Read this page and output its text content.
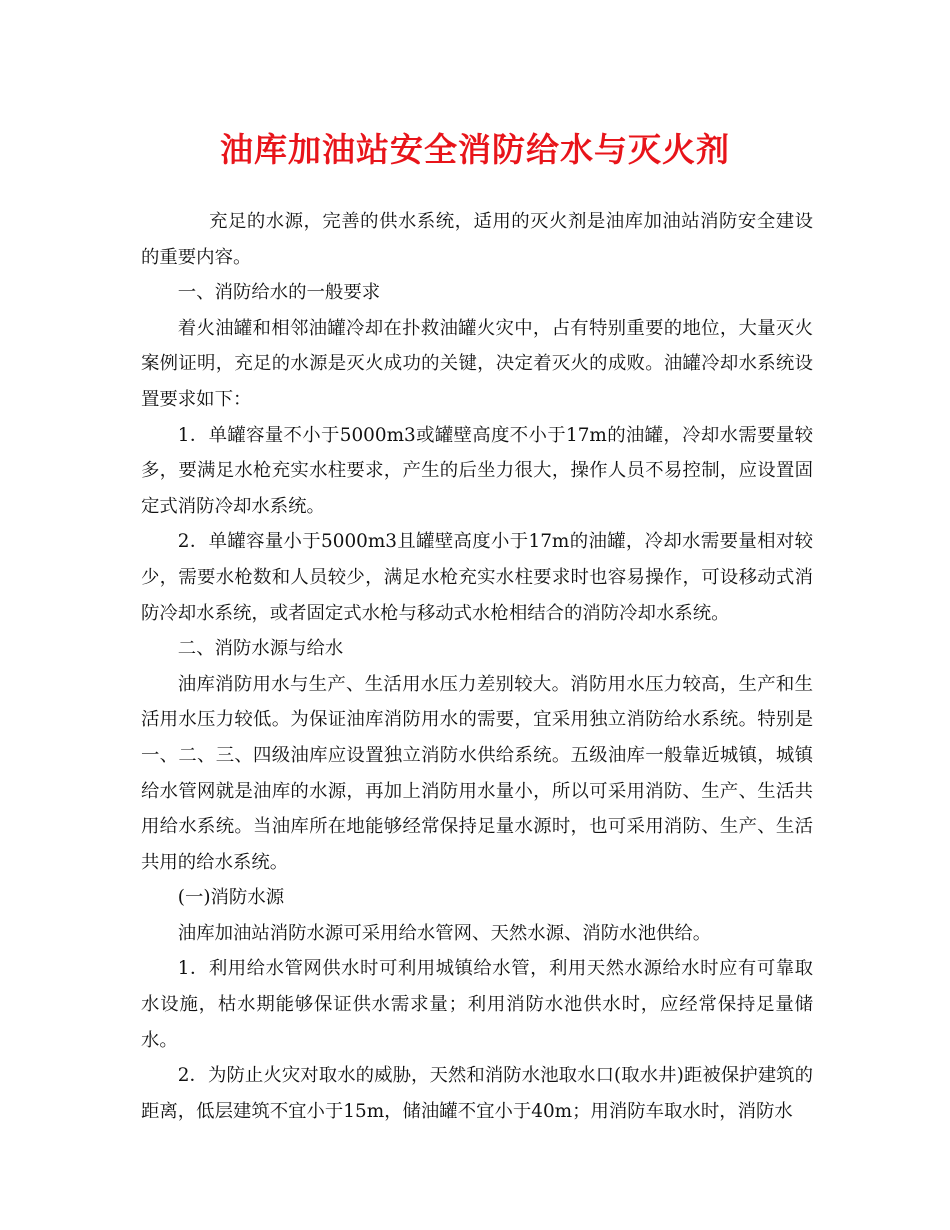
油库加油站安全消防给水与灭火剂

充足的水源，完善的供水系统，适用的灭火剂是油库加油站消防安全建设的重要内容。

一、消防给水的一般要求

着火油罐和相邻油罐冷却在扑救油罐火灾中，占有特别重要的地位，大量灭火案例证明，充足的水源是灭火成功的关键，决定着灭火的成败。油罐冷却水系统设置要求如下：

1．单罐容量不小于5000m3或罐壁高度不小于17m的油罐，冷却水需要量较多，要满足水枪充实水柱要求，产生的后坐力很大，操作人员不易控制，应设置固定式消防冷却水系统。

2．单罐容量小于5000m3且罐壁高度小于17m的油罐，冷却水需要量相对较少，需要水枪数和人员较少，满足水枪充实水柱要求时也容易操作，可设移动式消防冷却水系统，或者固定式水枪与移动式水枪相结合的消防冷却水系统。

二、消防水源与给水

油库消防用水与生产、生活用水压力差别较大。消防用水压力较高，生产和生活用水压力较低。为保证油库消防用水的需要，宜采用独立消防给水系统。特别是一、二、三、四级油库应设置独立消防水供给系统。五级油库一般靠近城镇，城镇给水管网就是油库的水源，再加上消防用水量小，所以可采用消防、生产、生活共用给水系统。当油库所在地能够经常保持足量水源时，也可采用消防、生产、生活共用的给水系统。

(一)消防水源

油库加油站消防水源可采用给水管网、天然水源、消防水池供给。

1．利用给水管网供水时可利用城镇给水管，利用天然水源给水时应有可靠取水设施，枯水期能够保证供水需求量；利用消防水池供水时，应经常保持足量储水。

2．为防止火灾对取水的威胁，天然和消防水池取水口(取水井)距被保护建筑的距离，低层建筑不宜小于15m，储油罐不宜小于40m；用消防车取水时，消防水
